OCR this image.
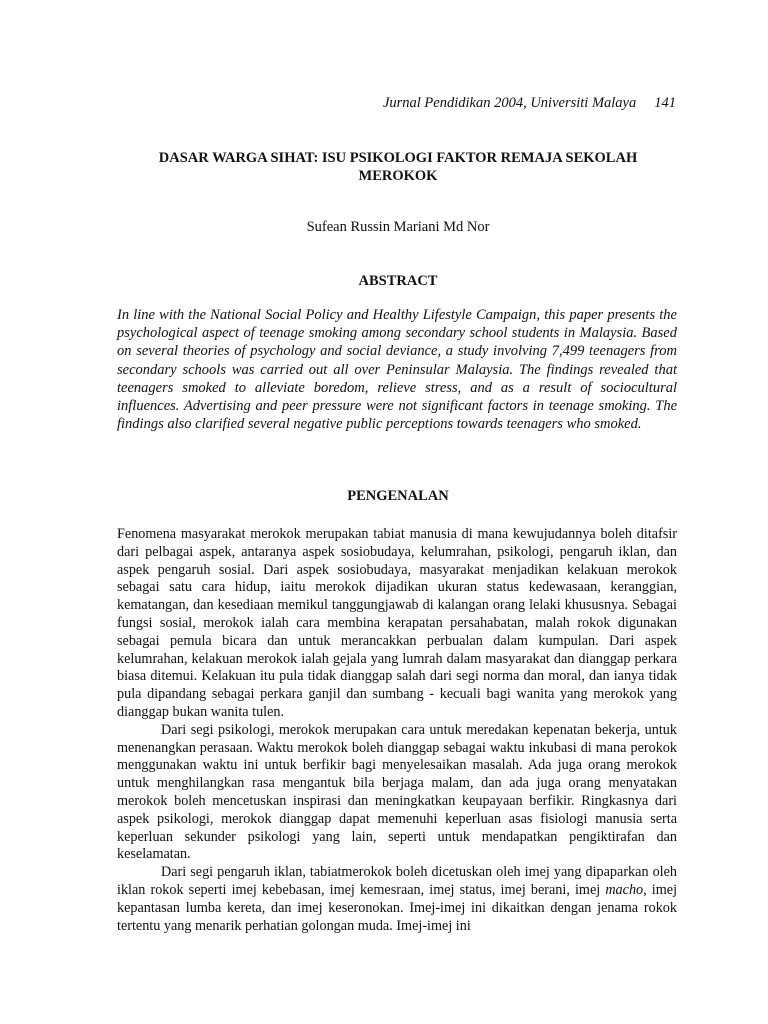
Jurnal Pendidikan 2004, Universiti Malaya 141
DASAR WARGA SIHAT: ISU PSIKOLOGI FAKTOR REMAJA SEKOLAH
MEROKOK
Sufean Russin Mariani Md Nor
ABSTRACT
In line with the National Social Policy and Healthy Lifestyle Campaign, this paper presents the psychological aspect of teenage smoking among secondary school students in Malaysia. Based on several theories of psychology and social deviance, a study involving 7,499 teenagers from secondary schools was carried out all over Peninsular Malaysia. The findings revealed that teenagers smoked to alleviate boredom, relieve stress, and as a result of sociocultural influences. Advertising and peer pressure were not significant factors in teenage smoking. The findings also clarified several negative public perceptions towards teenagers who smoked.
PENGENALAN

Fenomena masyarakat merokok merupakan tabiat manusia di mana kewujudannya boleh ditafsir dari pelbagai aspek, antaranya aspek sosiobudaya, kelumrahan, psikologi, pengaruh iklan, dan aspek pengaruh sosial. Dari aspek sosiobudaya, masyarakat menjadikan kelakuan merokok sebagai satu cara hidup, iaitu merokok dijadikan ukuran status kedewasaan, keranggian, kematangan, dan kesediaan memikul tanggungjawab di kalangan orang lelaki khususnya. Sebagai fungsi sosial, merokok ialah cara membina kerapatan persahabatan, malah rokok digunakan sebagai pemula bicara dan untuk merancakkan perbualan dalam kumpulan. Dari aspek kelumrahan, kelakuan merokok ialah gejala yang lumrah dalam masyarakat dan dianggap perkara biasa ditemui. Kelakuan itu pula tidak dianggap salah dari segi norma dan moral, dan ianya tidak pula dipandang sebagai perkara ganjil dan sumbang - kecuali bagi wanita yang merokok yang dianggap bukan wanita tulen.

Dari segi psikologi, merokok merupakan cara untuk meredakan kepenatan bekerja, untuk menenangkan perasaan. Waktu merokok boleh dianggap sebagai waktu inkubasi di mana perokok menggunakan waktu ini untuk berfikir bagi menyelesaikan masalah. Ada juga orang merokok untuk menghilangkan rasa mengantuk bila berjaga malam, dan ada juga orang menyatakan merokok boleh mencetuskan inspirasi dan meningkatkan keupayaan berfikir. Ringkasnya dari aspek psikologi, merokok dianggap dapat memenuhi keperluan asas fisiologi manusia serta keperluan sekunder psikologi yang lain, seperti untuk mendapatkan pengiktirafan dan keselamatan.

Dari segi pengaruh iklan, tabiatmerokok boleh dicetuskan oleh imej yang dipaparkan oleh iklan rokok seperti imej kebebasan, imej kemesraan, imej status, imej berani, imej macho, imej kepantasan lumba kereta, dan imej keseronokan. Imej-imej ini dikaitkan dengan jenama rokok tertentu yang menarik perhatian golongan muda. Imej-imej ini
